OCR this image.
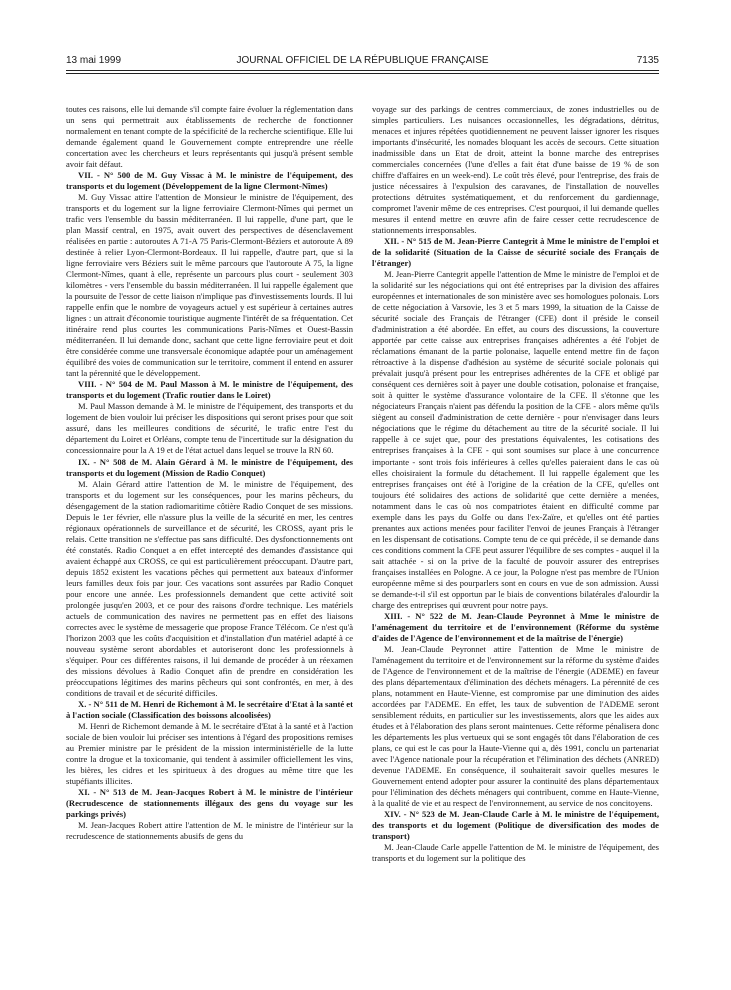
13 mai 1999	JOURNAL OFFICIEL DE LA RÉPUBLIQUE FRANÇAISE	7135

toutes ces raisons, elle lui demande s'il compte faire évoluer la réglementation dans un sens qui permettrait aux établissements de recherche de fonctionner normalement en tenant compte de la spécificité de la recherche scientifique. Elle lui demande également quand le Gouvernement compte entreprendre une réelle concertation avec les chercheurs et leurs représentants qui jusqu'à présent semble avoir fait défaut.

VII. - N° 500 de M. Guy Vissac à M. le ministre de l'équipement, des transports et du logement (Développement de la ligne Clermont-Nîmes)

M. Guy Vissac attire l'attention de Monsieur le ministre de l'équipement, des transports et du logement sur la ligne ferroviaire Clermont-Nîmes qui permet un trafic vers l'ensemble du bassin méditerranéen. Il lui rappelle, d'une part, que le plan Massif central, en 1975, avait ouvert des perspectives de désenclavement réalisées en partie : autoroutes A 71-A 75 Paris-Clermont-Béziers et autoroute A 89 destinée à relier Lyon-Clermont-Bordeaux. Il lui rappelle, d'autre part, que si la ligne ferroviaire vers Béziers suit le même parcours que l'autoroute A 75, la ligne Clermont-Nîmes, quant à elle, représente un parcours plus court - seulement 303 kilomètres - vers l'ensemble du bassin méditerranéen. Il lui rappelle également que la poursuite de l'essor de cette liaison n'implique pas d'investissements lourds. Il lui rappelle enfin que le nombre de voyageurs actuel y est supérieur à certaines autres lignes : un attrait d'économie touristique augmente l'intérêt de sa fréquentation. Cet itinéraire rend plus courtes les communications Paris-Nîmes et Ouest-Bassin méditerranéen. Il lui demande donc, sachant que cette ligne ferroviaire peut et doit être considérée comme une transversale économique adaptée pour un aménagement équilibré des voies de communication sur le territoire, comment il entend en assurer tant la pérennité que le développement.

VIII. - N° 504 de M. Paul Masson à M. le ministre de l'équipement, des transports et du logement (Trafic routier dans le Loiret)

M. Paul Masson demande à M. le ministre de l'équipement, des transports et du logement de bien vouloir lui préciser les dispositions qui seront prises pour que soit assuré, dans les meilleures conditions de sécurité, le trafic entre l'est du département du Loiret et Orléans, compte tenu de l'incertitude sur la désignation du concessionnaire pour la A 19 et de l'état actuel dans lequel se trouve la RN 60.

IX. - N° 508 de M. Alain Gérard à M. le ministre de l'équipement, des transports et du logement (Mission de Radio Conquet)

M. Alain Gérard attire l'attention de M. le ministre de l'équipement, des transports et du logement sur les conséquences, pour les marins pêcheurs, du désengagement de la station radiomaritime côtière Radio Conquet de ses missions. Depuis le 1er février, elle n'assure plus la veille de la sécurité en mer, les centres régionaux opérationnels de surveillance et de sécurité, les CROSS, ayant pris le relais. Cette transition ne s'effectue pas sans difficulté. Des dysfonctionnements ont été constatés. Radio Conquet a en effet intercepté des demandes d'assistance qui avaient échappé aux CROSS, ce qui est particulièrement préoccupant. D'autre part, depuis 1852 existent les vacations pêches qui permettent aux bateaux d'informer leurs familles deux fois par jour. Ces vacations sont assurées par Radio Conquet pour encore une année. Les professionnels demandent que cette activité soit prolongée jusqu'en 2003, et ce pour des raisons d'ordre technique. Les matériels actuels de communication des navires ne permettent pas en effet des liaisons correctes avec le système de messagerie que propose France Télécom. Ce n'est qu'à l'horizon 2003 que les coûts d'acquisition et d'installation d'un matériel adapté à ce nouveau système seront abordables et autoriseront donc les professionnels à s'équiper. Pour ces différentes raisons, il lui demande de procéder à un réexamen des missions dévolues à Radio Conquet afin de prendre en considération les préoccupations légitimes des marins pêcheurs qui sont confrontés, en mer, à des conditions de travail et de sécurité difficiles.

X. - N° 511 de M. Henri de Richemont à M. le secrétaire d'Etat à la santé et à l'action sociale (Classification des boissons alcoolisées)

M. Henri de Richemont demande à M. le secrétaire d'Etat à la santé et à l'action sociale de bien vouloir lui préciser ses intentions à l'égard des propositions remises au Premier ministre par le président de la mission interministérielle de la lutte contre la drogue et la toxicomanie, qui tendent à assimiler officiellement les vins, les bières, les cidres et les spiritueux à des drogues au même titre que les stupéfiants illicites.

XI. - N° 513 de M. Jean-Jacques Robert à M. le ministre de l'intérieur (Recrudescence de stationnements illégaux des gens du voyage sur les parkings privés)

M. Jean-Jacques Robert attire l'attention de M. le ministre de l'intérieur sur la recrudescence de stationnements abusifs de gens du

voyage sur des parkings de centres commerciaux, de zones industrielles ou de simples particuliers. Les nuisances occasionnelles, les dégradations, détritus, menaces et injures répétées quotidiennement ne peuvent laisser ignorer les risques importants d'insécurité, les nomades bloquant les accès de secours. Cette situation inadmissible dans un Etat de droit, atteint la bonne marche des entreprises commerciales concernées (l'une d'elles a fait état d'une baisse de 19 % de son chiffre d'affaires en un week-end). Le coût très élevé, pour l'entreprise, des frais de justice nécessaires à l'expulsion des caravanes, de l'installation de nouvelles protections détruites systématiquement, et du renforcement du gardiennage, compromet l'avenir même de ces entreprises. C'est pourquoi, il lui demande quelles mesures il entend mettre en œuvre afin de faire cesser cette recrudescence de stationnements irresponsables.

XII. - N° 515 de M. Jean-Pierre Cantegrit à Mme le ministre de l'emploi et de la solidarité (Situation de la Caisse de sécurité sociale des Français de l'étranger)

M. Jean-Pierre Cantegrit appelle l'attention de Mme le ministre de l'emploi et de la solidarité sur les négociations qui ont été entreprises par la division des affaires européennes et internationales de son ministère avec ses homologues polonais. Lors de cette négociation à Varsovie, les 3 et 5 mars 1999, la situation de la Caisse de sécurité sociale des Français de l'étranger (CFE) dont il préside le conseil d'administration a été abordée. En effet, au cours des discussions, la couverture apportée par cette caisse aux entreprises françaises adhérentes a été l'objet de réclamations émanant de la partie polonaise, laquelle entend mettre fin de façon rétroactive à la dispense d'adhésion au système de sécurité sociale polonais qui prévalait jusqu'à présent pour les entreprises adhérentes de la CFE et obligé par conséquent ces dernières soit à payer une double cotisation, polonaise et française, soit à quitter le système d'assurance volontaire de la CFE. Il s'étonne que les négociateurs Français n'aient pas défendu la position de la CFE - alors même qu'ils siègent au conseil d'administration de cette dernière - pour n'envisager dans leurs négociations que le régime du détachement au titre de la sécurité sociale. Il lui rappelle à ce sujet que, pour des prestations équivalentes, les cotisations des entreprises françaises à la CFE - qui sont soumises sur place à une concurrence importante - sont trois fois inférieures à celles qu'elles paieraient dans le cas où elles choisiraient la formule du détachement. Il lui rappelle également que les entreprises françaises ont été à l'origine de la création de la CFE, qu'elles ont toujours été solidaires des actions de solidarité que cette dernière a menées, notamment dans le cas où nos compatriotes étaient en difficulté comme par exemple dans les pays du Golfe ou dans l'ex-Zaïre, et qu'elles ont été parties prenantes aux actions menées pour faciliter l'envoi de jeunes Français à l'étranger en les dispensant de cotisations. Compte tenu de ce qui précède, il se demande dans ces conditions comment la CFE peut assurer l'équilibre de ses comptes - auquel il la sait attachée - si on la prive de la faculté de pouvoir assurer des entreprises françaises installées en Pologne. A ce jour, la Pologne n'est pas membre de l'Union européenne même si des pourparlers sont en cours en vue de son admission. Aussi se demande-t-il s'il est opportun par le biais de conventions bilatérales d'alourdir la charge des entreprises qui œuvrent pour notre pays.

XIII. - N° 522 de M. Jean-Claude Peyronnet à Mme le ministre de l'aménagement du territoire et de l'environnement (Réforme du système d'aides de l'Agence de l'environnement et de la maîtrise de l'énergie)

M. Jean-Claude Peyronnet attire l'attention de Mme le ministre de l'aménagement du territoire et de l'environnement sur la réforme du système d'aides de l'Agence de l'environnement et de la maîtrise de l'énergie (ADEME) en faveur des plans départementaux d'élimination des déchets ménagers. La pérennité de ces plans, notamment en Haute-Vienne, est compromise par une diminution des aides accordées par l'ADEME. En effet, les taux de subvention de l'ADEME seront sensiblement réduits, en particulier sur les investissements, alors que les aides aux études et à l'élaboration des plans seront maintenues. Cette réforme pénalisera donc les départements les plus vertueux qui se sont engagés tôt dans l'élaboration de ces plans, ce qui est le cas pour la Haute-Vienne qui a, dès 1991, conclu un partenariat avec l'Agence nationale pour la récupération et l'élimination des déchets (ANRED) devenue l'ADEME. En conséquence, il souhaiterait savoir quelles mesures le Gouvernement entend adopter pour assurer la continuité des plans départementaux pour l'élimination des déchets ménagers qui contribuent, comme en Haute-Vienne, à la qualité de vie et au respect de l'environnement, au service de nos concitoyens.

XIV. - N° 523 de M. Jean-Claude Carle à M. le ministre de l'équipement, des transports et du logement (Politique de diversification des modes de transport)

M. Jean-Claude Carle appelle l'attention de M. le ministre de l'équipement, des transports et du logement sur la politique des
